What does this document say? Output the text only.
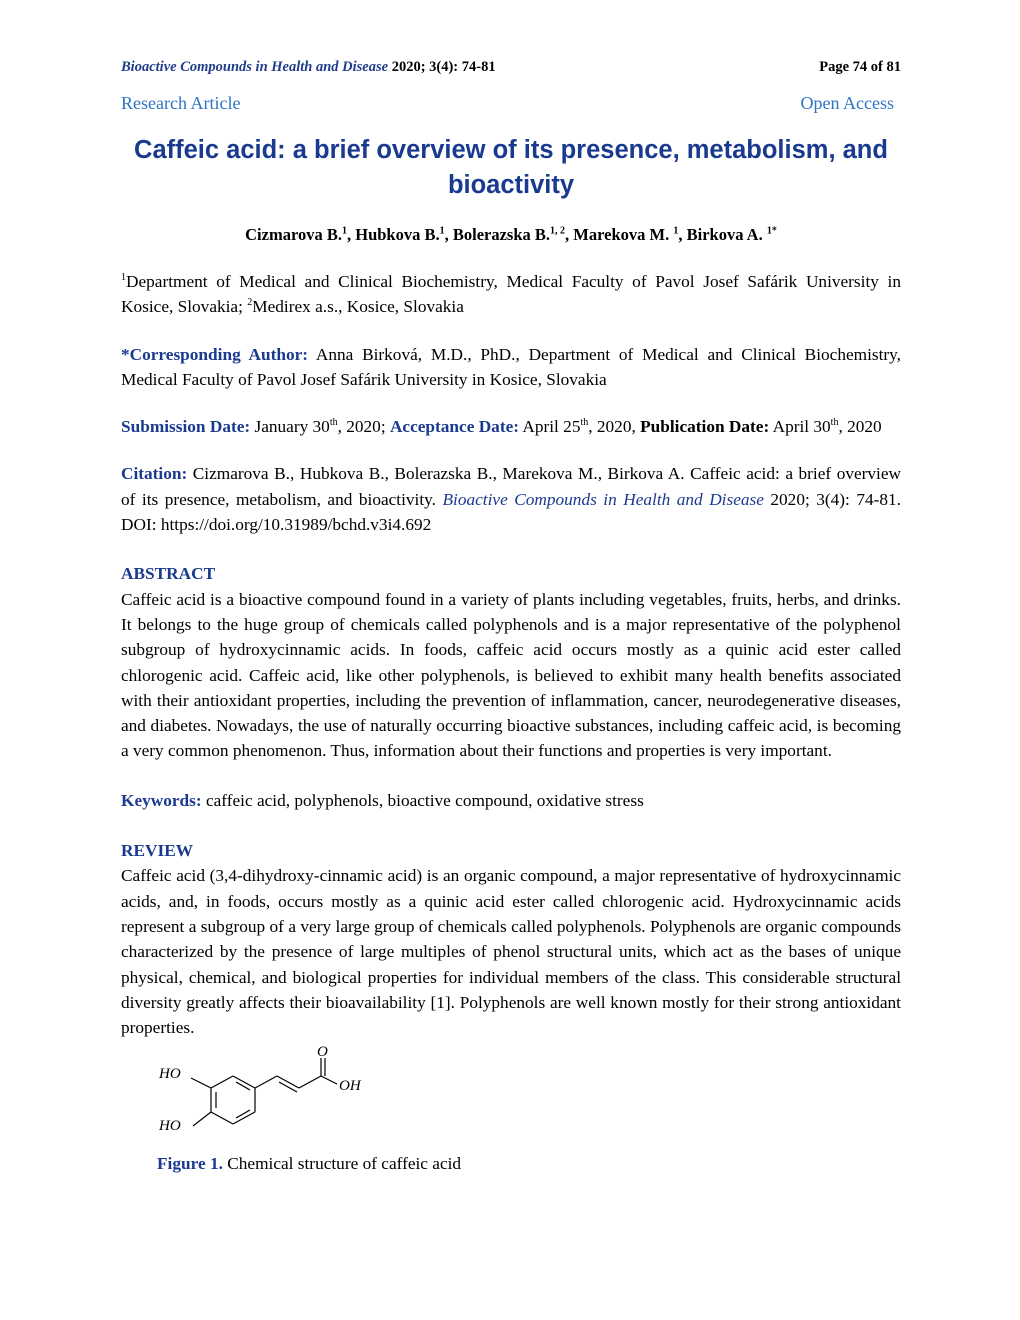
Bioactive Compounds in Health and Disease 2020; 3(4): 74-81	Page 74 of 81
Research Article	Open Access
Caffeic acid: a brief overview of its presence, metabolism, and
bioactivity
Cizmarova B.$^1$, Hubkova B.$^1$, Bolerazska B.$^{1, 2}$, Marekova M. $^1$, Birkova A. $^{1*}$

$^1$Department of Medical and Clinical Biochemistry, Medical Faculty of Pavol Josef Safárik University in Kosice, Slovakia; $^2$Medirex a.s., Kosice, Slovakia

*Corresponding Author: Anna Birková, M.D., PhD., Department of Medical and Clinical Biochemistry, Medical Faculty of Pavol Josef Safárik University in Kosice, Slovakia

Submission Date: January 30th, 2020; Acceptance Date: April 25th, 2020, Publication Date: April 30th, 2020

Citation: Cizmarova B., Hubkova B., Bolerazska B., Marekova M., Birkova A. Caffeic acid: a brief overview of its presence, metabolism, and bioactivity. Bioactive Compounds in Health and Disease 2020; 3(4): 74-81. DOI: https://doi.org/10.31989/bchd.v3i4.692

ABSTRACT

Caffeic acid is a bioactive compound found in a variety of plants including vegetables, fruits, herbs, and drinks. It belongs to the huge group of chemicals called polyphenols and is a major representative of the polyphenol subgroup of hydroxycinnamic acids. In foods, caffeic acid occurs mostly as a quinic acid ester called chlorogenic acid. Caffeic acid, like other polyphenols, is believed to exhibit many health benefits associated with their antioxidant properties, including the prevention of inflammation, cancer, neurodegenerative diseases, and diabetes. Nowadays, the use of naturally occurring bioactive substances, including caffeic acid, is becoming a very common phenomenon. Thus, information about their functions and properties is very important.

Keywords: caffeic acid, polyphenols, bioactive compound, oxidative stress

REVIEW

Caffeic acid (3,4-dihydroxy-cinnamic acid) is an organic compound, a major representative of hydroxycinnamic acids, and, in foods, occurs mostly as a quinic acid ester called chlorogenic acid. Hydroxycinnamic acids represent a subgroup of a very large group of chemicals called polyphenols. Polyphenols are organic compounds characterized by the presence of large multiples of phenol structural units, which act as the bases of unique physical, chemical, and biological properties for individual members of the class. This considerable structural diversity greatly affects their bioavailability [1]. Polyphenols are well known mostly for their strong antioxidant properties.

HO
HO
O
OH
Figure 1. Chemical structure of caffeic acid
